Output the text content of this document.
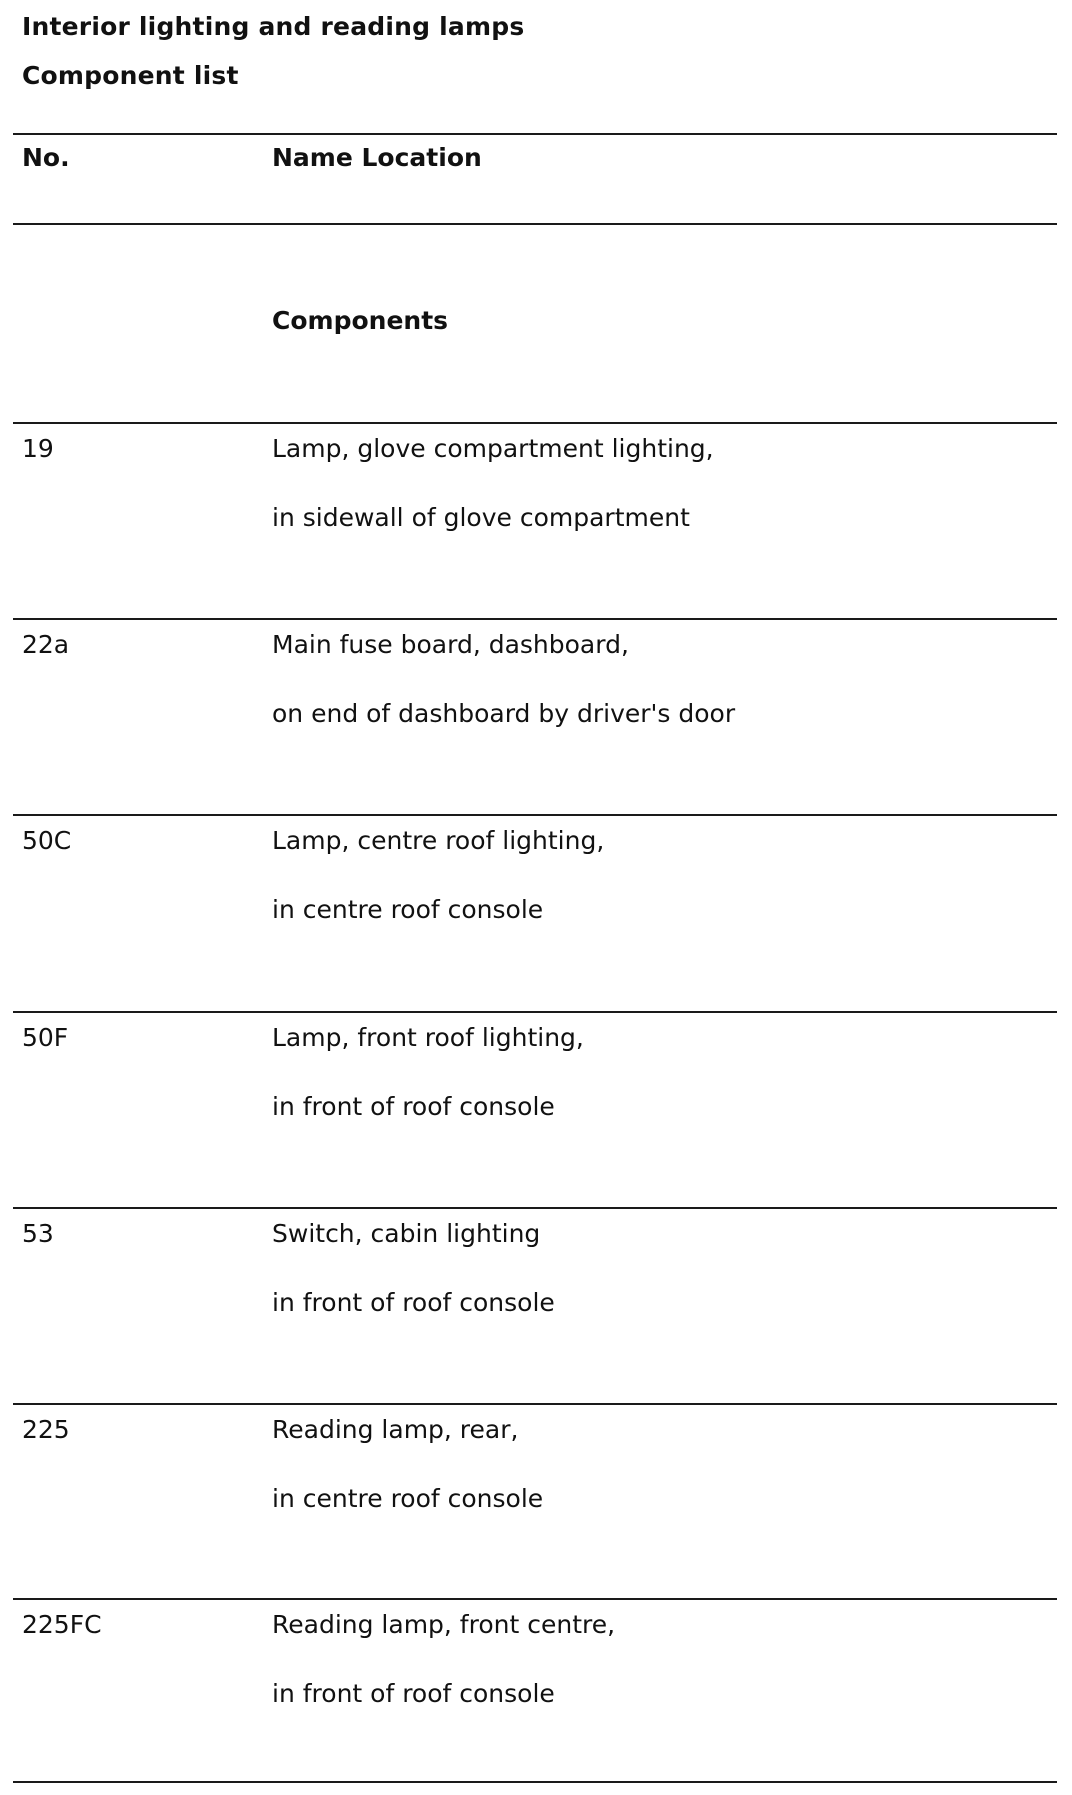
Interior lighting and reading lamps
Component list
No.	Name Location
Components
19	Lamp, glove compartment lighting,
in sidewall of glove compartment
22a	Main fuse board, dashboard,
on end of dashboard by driver's door
50C	Lamp, centre roof lighting,
in centre roof console
50F	Lamp, front roof lighting,
in front of roof console
53	Switch, cabin lighting
in front of roof console
225	Reading lamp, rear,
in centre roof console
225FC	Reading lamp, front centre,
in front of roof console
